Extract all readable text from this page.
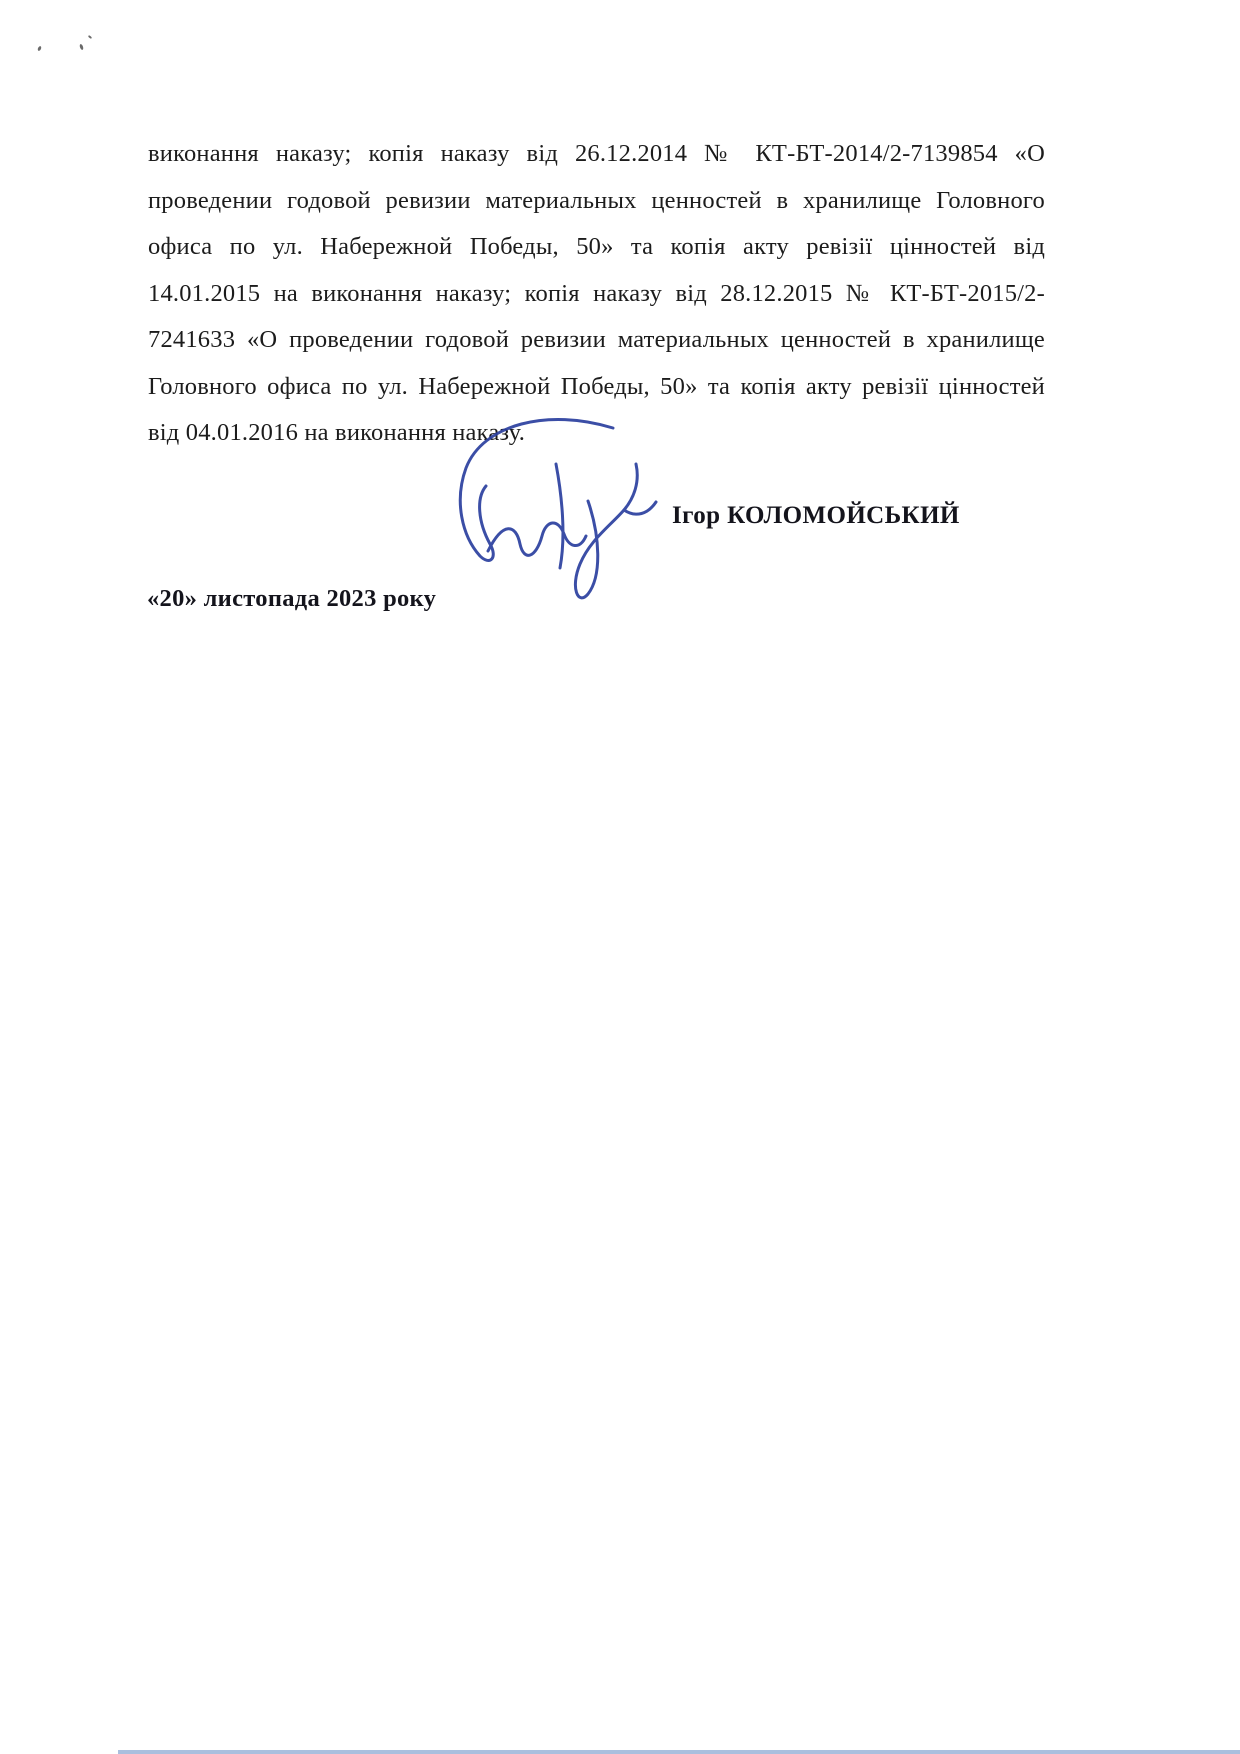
виконання наказу; копія наказу від 26.12.2014 № КТ-БТ-2014/2-7139854 «О
проведении годовой ревизии материальных ценностей в хранилище Головного
офиса по ул. Набережной Победы, 50» та копія акту ревізії цінностей від
14.01.2015 на виконання наказу; копія наказу від 28.12.2015 № КТ-БТ-2015/2-
7241633 «О проведении годовой ревизии материальных ценностей в хранилище
Головного офиса по ул. Набережной Победы, 50» та копія акту ревізії цінностей
від 04.01.2016 на виконання наказу.
Ігор КОЛОМОЙСЬКИЙ
«20» листопада 2023 року
